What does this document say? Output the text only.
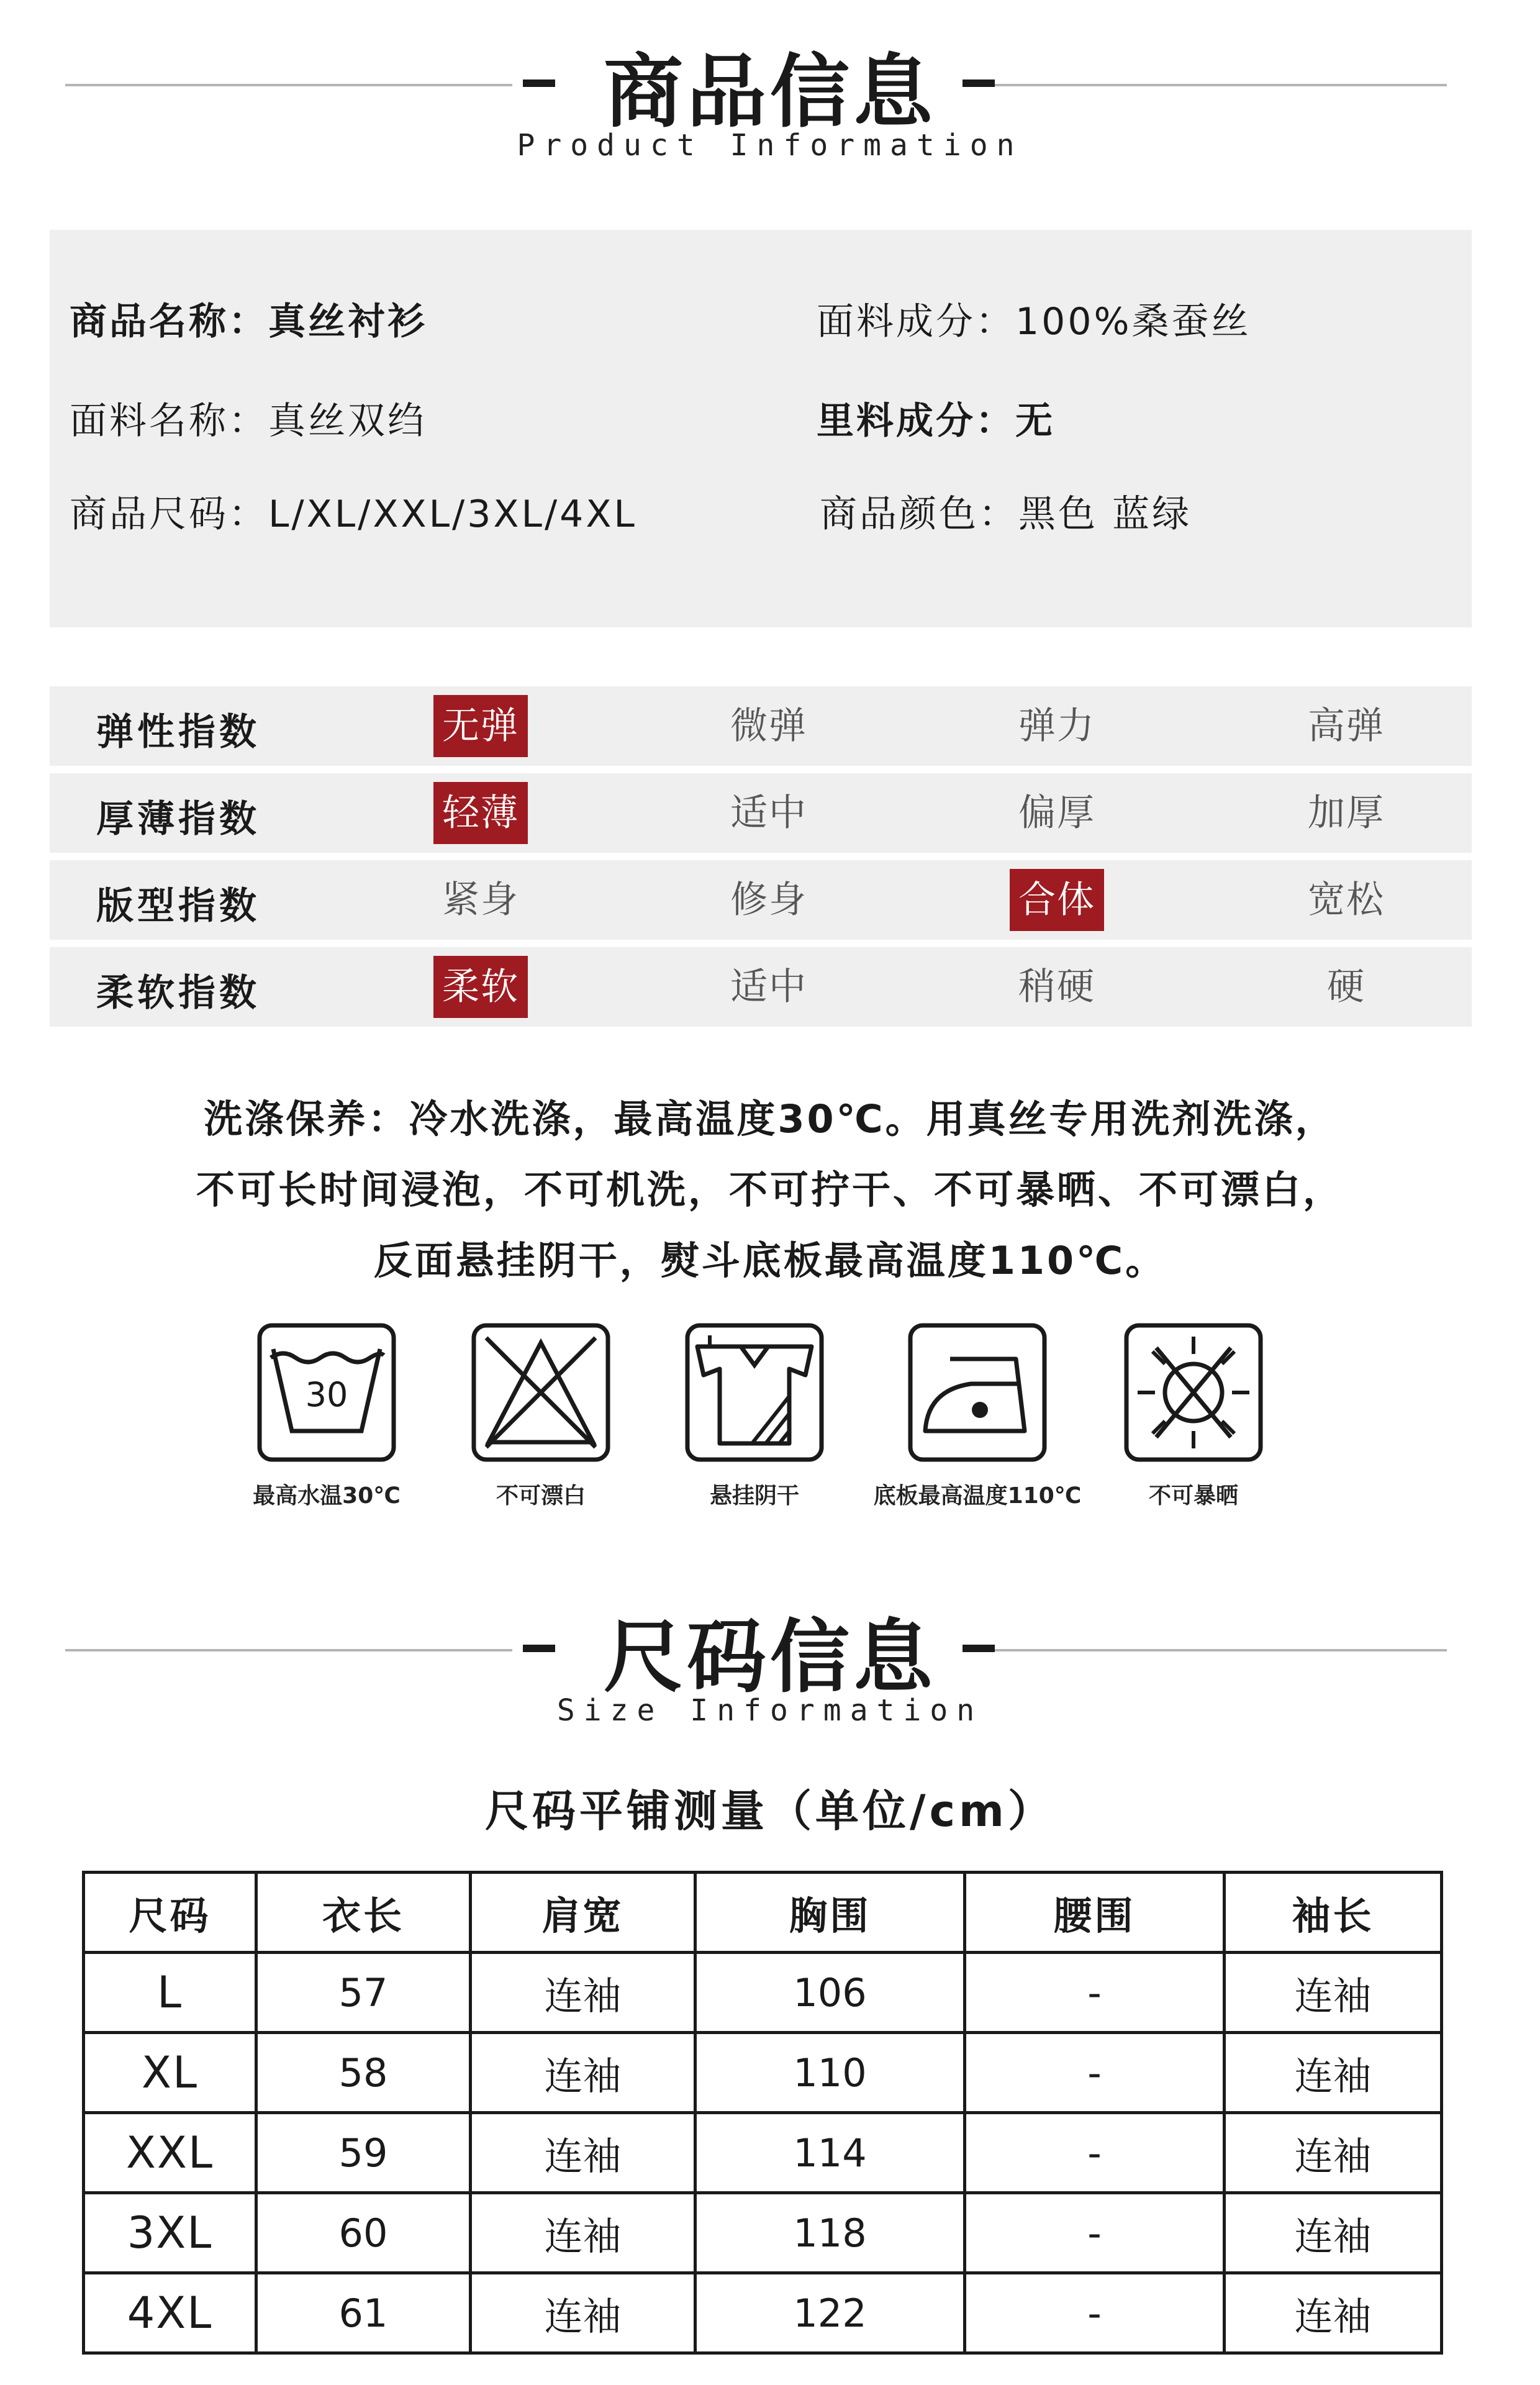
商品信息
Product Information
商品名称：真丝衬衫	面料成分：100%桑蚕丝
面料名称：真丝双绉	里料成分：无
商品尺码：L/XL/XXL/3XL/4XL	商品颜色：黑色 蓝绿
弹性指数	无弹	微弹	弹力	高弹
厚薄指数	轻薄	适中	偏厚	加厚
版型指数	紧身	修身	合体	宽松
柔软指数	柔软	适中	稍硬	硬
洗涤保养：冷水洗涤，最高温度30℃。用真丝专用洗剂洗涤，
不可长时间浸泡，不可机洗，不可拧干、不可暴晒、不可漂白，
反面悬挂阴干，熨斗底板最高温度110℃。
30
最高水温30℃	不可漂白	悬挂阴干	底板最高温度110℃	不可暴晒
尺码信息
Size Information
尺码平铺测量（单位/cm）
尺码	衣长	肩宽	胸围	腰围	袖长
L	57	连袖	106	-	连袖
XL	58	连袖	110	-	连袖
XXL	59	连袖	114	-	连袖
3XL	60	连袖	118	-	连袖
4XL	61	连袖	122	-	连袖
